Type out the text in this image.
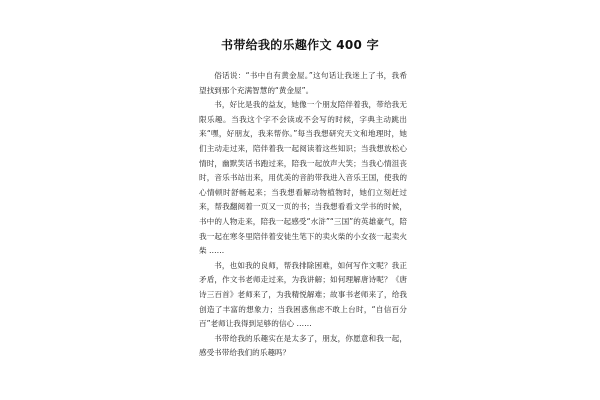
书带给我的乐趣作文 400 字

俗话说：“书中自有黄金屋。”这句话让我迷上了书，我希望找到那个充满智慧的“黄金屋”。

书，好比是我的益友，她像一个朋友陪伴着我，带给我无限乐趣。当我这个字不会读或不会写的时候，字典主动跳出来“嘿，好朋友，我来帮你。”每当我想研究天文和地理时，她们主动走过来，陪伴着我一起阅读着这些知识；当我想放松心情时，幽默笑话书跑过来，陪我一起放声大笑；当我心情沮丧时，音乐书站出来，用优美的音韵带我进入音乐王国，使我的心情顿时舒畅起来；当我想看解动物植物时，她们立刻赶过来，帮我翻阅着一页又一页的书；当我想看看文学书的时候，书中的人物走来，陪我一起感受“水浒”“三国”的英雄豪气，陪我一起在寒冬里陪伴着安徒生笔下的卖火柴的小女孩一起卖火柴 ……

书，也如我的良师，帮我排除困难，如何写作文呢？我正矛盾，作文书老师走过来，为我讲解；如何理解唐诗呢？《唐诗三百首》老师来了，为我精悦解难；故事书老师来了，给我创造了丰富的想象力；当我困惑焦虑不敢上台时，“自信百分百”老师让我得到足够的信心 ……

书带给我的乐趣实在是太多了，朋友，你愿意和我一起，感受书带给我们的乐趣吗？
